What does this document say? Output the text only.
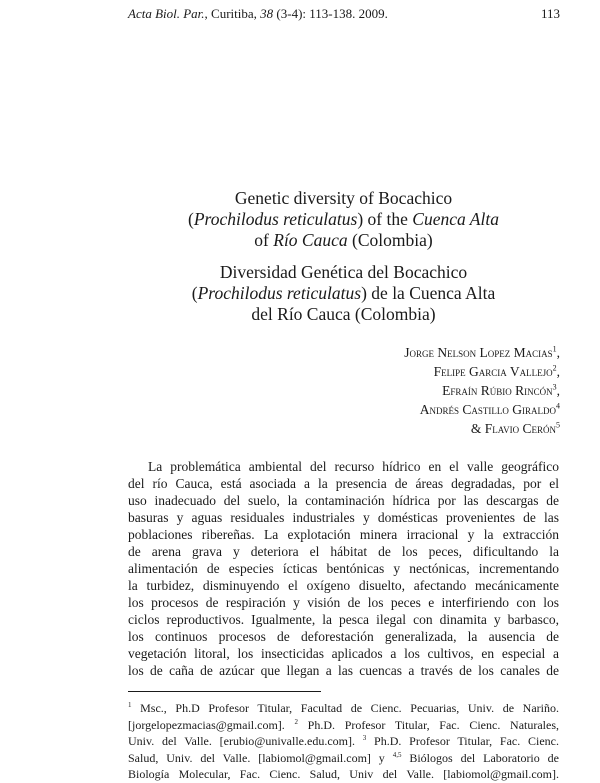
Acta Biol. Par., Curitiba, 38 (3-4): 113-138. 2009.	113
Genetic diversity of Bocachico
(Prochilodus reticulatus) of the Cuenca Alta
of Río Cauca (Colombia)
Diversidad Genética del Bocachico
(Prochilodus reticulatus) de la Cuenca Alta
del Río Cauca (Colombia)
Jorge Nelson Lopez Macias$^1$,
Felipe Garcia Vallejo$^2$,
Efraín Rúbio Rincón$^3$,
Andrés Castillo Giraldo$^4$
& Flavio Cerón$^5$
La problemática ambiental del recurso hídrico en el valle geográfico
del río Cauca, está asociada a la presencia de áreas degradadas, por el
uso inadecuado del suelo, la contaminación hídrica por las descargas de
basuras y aguas residuales industriales y domésticas provenientes de las
poblaciones ribereñas. La explotación minera irracional y la extracción
de arena grava y deteriora el hábitat de los peces, dificultando la
alimentación de especies ícticas bentónicas y nectónicas, incrementando
la turbidez, disminuyendo el oxígeno disuelto, afectando mecánicamente
los procesos de respiración y visión de los peces e interfiriendo con los
ciclos reproductivos. Igualmente, la pesca ilegal con dinamita y barbasco,
los continuos procesos de deforestación generalizada, la ausencia de
vegetación litoral, los insecticidas aplicados a los cultivos, en especial a
los de caña de azúcar que llegan a las cuencas a través de los canales de
$^1$ Msc., Ph.D Profesor Titular, Facultad de Cienc. Pecuarias, Univ. de Nariño.
[jorgelopezmacias@gmail.com]. $^2$ Ph.D. Profesor Titular, Fac. Cienc. Naturales,
Univ. del Valle. [erubio@univalle.edu.com]. $^3$ Ph.D. Profesor Titular, Fac. Cienc.
Salud, Univ. del Valle. [labiomol@gmail.com] y $^{4,5}$ Biólogos del Laboratorio de
Biología Molecular, Fac. Cienc. Salud, Univ del Valle. [labiomol@gmail.com].
